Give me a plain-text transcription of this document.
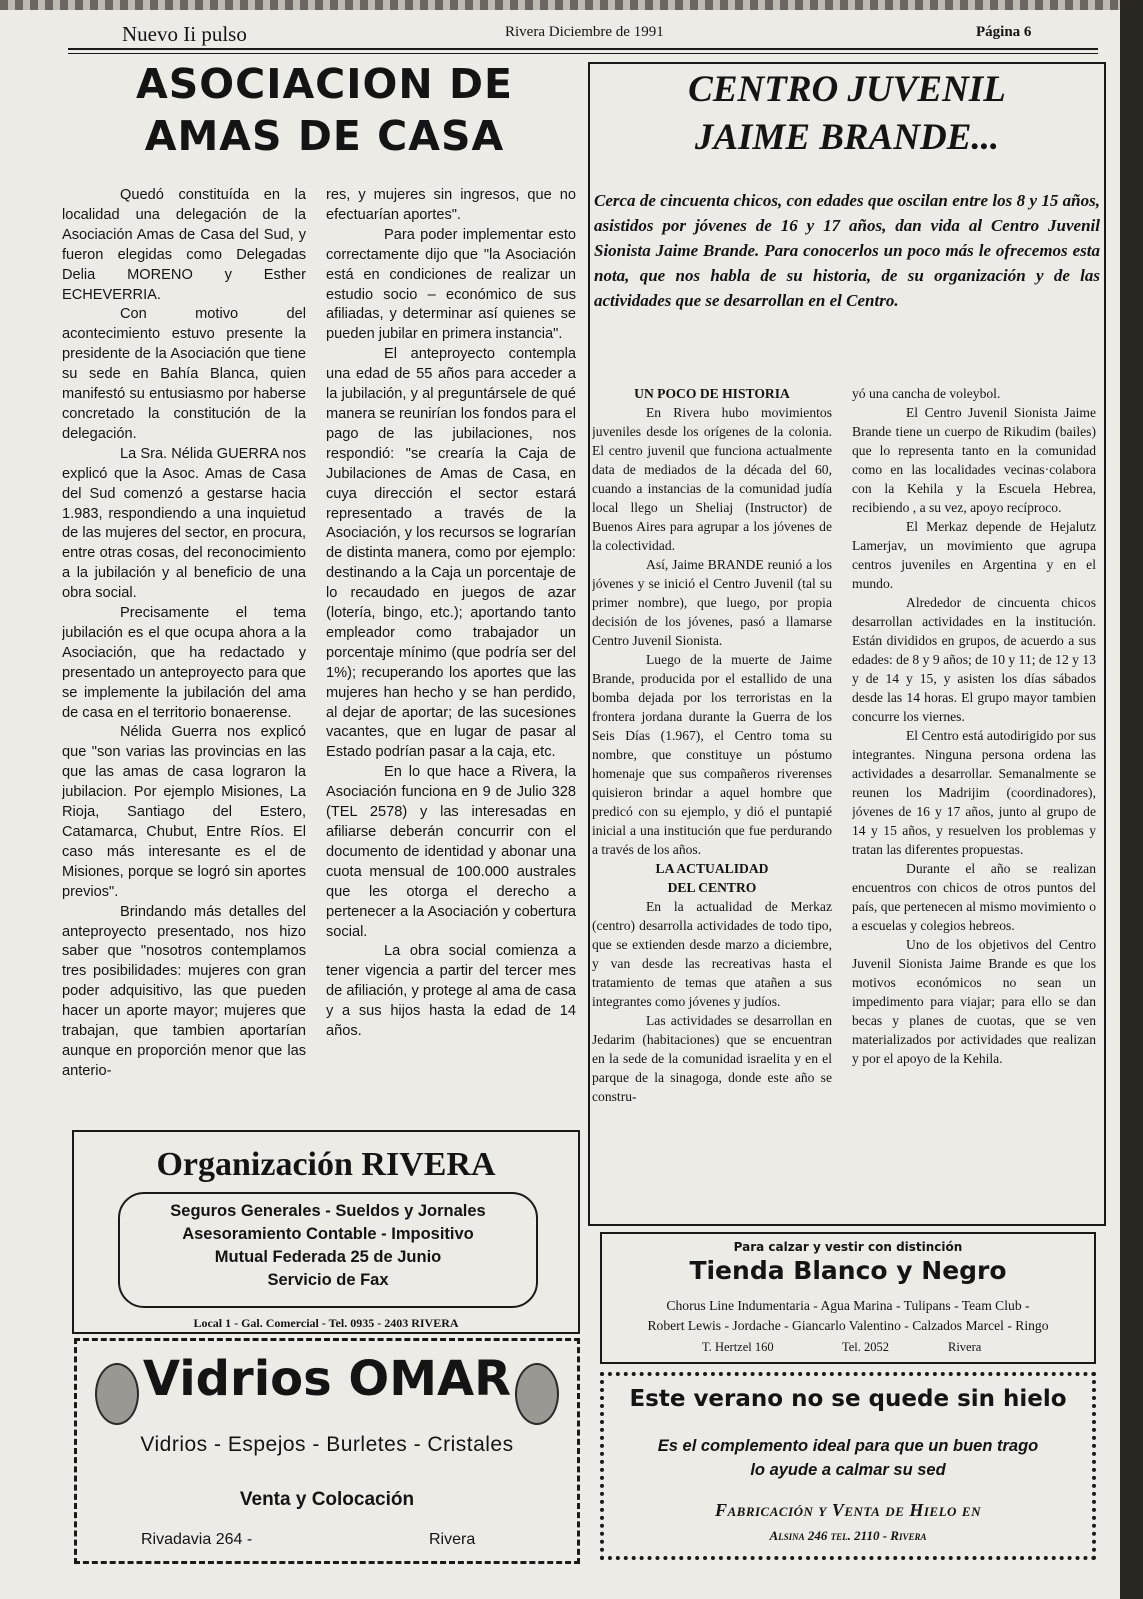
Nuevo Ii pulso	Rivera Diciembre de 1991	Página 6
ASOCIACION DE
AMAS DE CASA

Quedó constituída en la localidad una delegación de la Asociación Amas de Casa del Sud, y fueron elegidas como Delegadas Delia MORENO y Esther ECHEVERRIA.

Con motivo del acontecimiento estuvo presente la presidente de la Asociación que tiene su sede en Bahía Blanca, quien manifestó su entusiasmo por haberse concretado la constitución de la delegación.

La Sra. Nélida GUERRA nos explicó que la Asoc. Amas de Casa del Sud comenzó a gestarse hacia 1.983, respondiendo a una inquietud de las mujeres del sector, en procura, entre otras cosas, del reconocimiento a la jubilación y al beneficio de una obra social.

Precisamente el tema jubilación es el que ocupa ahora a la Asociación, que ha redactado y presentado un anteproyecto para que se implemente la jubilación del ama de casa en el territorio bonaerense.

Nélida Guerra nos explicó que "son varias las provincias en las que las amas de casa lograron la jubilacion. Por ejemplo Misiones, La Rioja, Santiago del Estero, Catamarca, Chubut, Entre Ríos. El caso más interesante es el de Misiones, porque se logró sin aportes previos".

Brindando más detalles del anteproyecto presentado, nos hizo saber que "nosotros contemplamos tres posibilidades: mujeres con gran poder adquisitivo, las que pueden hacer un aporte mayor; mujeres que trabajan, que tambien aportarían aunque en proporción menor que las anterio-

res, y mujeres sin ingresos, que no efectuarían aportes".

Para poder implementar esto correctamente dijo que "la Asociación está en condiciones de realizar un estudio socio – económico de sus afiliadas, y determinar así quienes se pueden jubilar en primera instancia".

El anteproyecto contempla una edad de 55 años para acceder a la jubilación, y al preguntársele de qué manera se reunirían los fondos para el pago de las jubilaciones, nos respondió: "se crearía la Caja de Jubilaciones de Amas de Casa, en cuya dirección el sector estará representado a través de la Asociación, y los recursos se lograrían de distinta manera, como por ejemplo: destinando a la Caja un porcentaje de lo recaudado en juegos de azar (lotería, bingo, etc.); aportando tanto empleador como trabajador un porcentaje mínimo (que podría ser del 1%); recuperando los aportes que las mujeres han hecho y se han perdido, al dejar de aportar; de las sucesiones vacantes, que en lugar de pasar al Estado podrían pasar a la caja, etc.

En lo que hace a Rivera, la Asociación funciona en 9 de Julio 328 (TEL 2578) y las interesadas en afiliarse deberán concurrir con el documento de identidad y abonar una cuota mensual de 100.000 australes que les otorga el derecho a pertenecer a la Asociación y cobertura social.

La obra social comienza a tener vigencia a partir del tercer mes de afiliación, y protege al ama de casa y a sus hijos hasta la edad de 14 años.

CENTRO JUVENIL
JAIME BRANDE...
Cerca de cincuenta chicos, con edades que oscilan entre los 8 y 15 años, asistidos por jóvenes de 16 y 17 años, dan vida al Centro Juvenil Sionista Jaime Brande. Para conocerlos un poco más le ofrecemos esta nota, que nos habla de su historia, de su organización y de las actividades que se desarrollan en el Centro.
UN POCO DE HISTORIA

En Rivera hubo movimientos juveniles desde los orígenes de la colonia. El centro juvenil que funciona actualmente data de mediados de la década del 60, cuando a instancias de la comunidad judía local llego un Sheliaj (Instructor) de Buenos Aires para agrupar a los jóvenes de la colectividad.

Así, Jaime BRANDE reunió a los jóvenes y se inició el Centro Juvenil (tal su primer nombre), que luego, por propia decisión de los jóvenes, pasó a llamarse Centro Juvenil Sionista.

Luego de la muerte de Jaime Brande, producida por el estallido de una bomba dejada por los terroristas en la frontera jordana durante la Guerra de los Seis Días (1.967), el Centro toma su nombre, que constituye un póstumo homenaje que sus compañeros riverenses quisieron brindar a aquel hombre que predicó con su ejemplo, y dió el puntapié inicial a una institución que fue perdurando a través de los años.

LA ACTUALIDAD
DEL CENTRO

En la actualidad de Merkaz (centro) desarrolla actividades de todo tipo, que se extienden desde marzo a diciembre, y van desde las recreativas hasta el tratamiento de temas que atañen a sus integrantes como jóvenes y judíos.

Las actividades se desarrollan en Jedarim (habitaciones) que se encuentran en la sede de la comunidad israelita y en el parque de la sinagoga, donde este año se constru-

yó una cancha de voleybol.

El Centro Juvenil Sionista Jaime Brande tiene un cuerpo de Rikudim (bailes) que lo representa tanto en la comunidad como en las localidades vecinas·colabora con la Kehila y la Escuela Hebrea, recibiendo , a su vez, apoyo recíproco.

El Merkaz depende de Hejalutz Lamerjav, un movimiento que agrupa centros juveniles en Argentina y en el mundo.

Alrededor de cincuenta chicos desarrollan actividades en la institución. Están divididos en grupos, de acuerdo a sus edades: de 8 y 9 años; de 10 y 11; de 12 y 13 y de 14 y 15, y asisten los días sábados desde las 14 horas. El grupo mayor tambien concurre los viernes.

El Centro está autodirigido por sus integrantes. Ninguna persona ordena las actividades a desarrollar. Semanalmente se reunen los Madrijim (coordinadores), jóvenes de 16 y 17 años, junto al grupo de 14 y 15 años, y resuelven los problemas y tratan las diferentes propuestas.

Durante el año se realizan encuentros con chicos de otros puntos del país, que pertenecen al mismo movimiento o a escuelas y colegios hebreos.

Uno de los objetivos del Centro Juvenil Sionista Jaime Brande es que los motivos económicos no sean un impedimento para viajar; para ello se dan becas y planes de cuotas, que se ven materializados por actividades que realizan y por el apoyo de la Kehila.

Organización RIVERA
Seguros Generales - Sueldos y Jornales
Asesoramiento Contable - Impositivo
Mutual Federada 25 de Junio
Servicio de Fax
Local 1 - Gal. Comercial - Tel. 0935 - 2403 RIVERA
Vidrios OMAR
Vidrios - Espejos - Burletes - Cristales
Venta y Colocación
Rivadavia 264 -	Rivera
Para calzar y vestir con distinción
Tienda Blanco y Negro
Chorus Line Indumentaria - Agua Marina - Tulipans - Team Club -
Robert Lewis - Jordache - Giancarlo Valentino - Calzados Marcel - Ringo
T. Hertzel 160	Tel. 2052	Rivera
Este verano no se quede sin hielo
Es el complemento ideal para que un buen trago
lo ayude a calmar su sed
Fabricación y Venta de Hielo en
Alsina 246 tel. 2110 - Rivera
